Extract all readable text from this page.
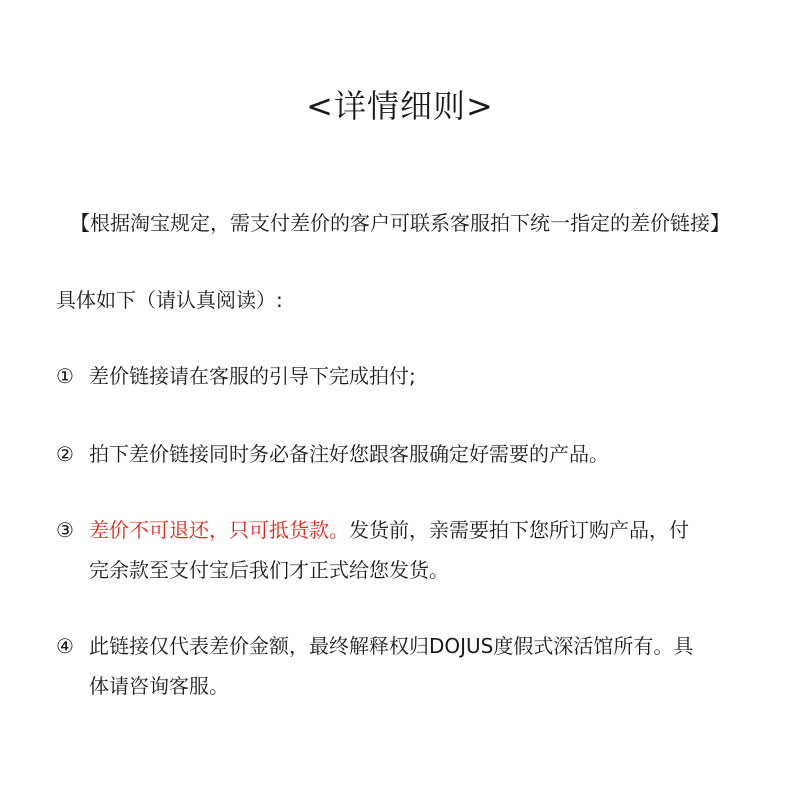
<详情细则>
【根据淘宝规定，需支付差价的客户可联系客服拍下统一指定的差价链接】
具体如下（请认真阅读）:
① 差价链接请在客服的引导下完成拍付;
② 拍下差价链接同时务必备注好您跟客服确定好需要的产品。
③ 差价不可退还，只可抵货款。发货前，亲需要拍下您所订购产品，付
完余款至支付宝后我们才正式给您发货。
④ 此链接仅代表差价金额，最终解释权归DOJUS度假式深活馆所有。具
体请咨询客服。
